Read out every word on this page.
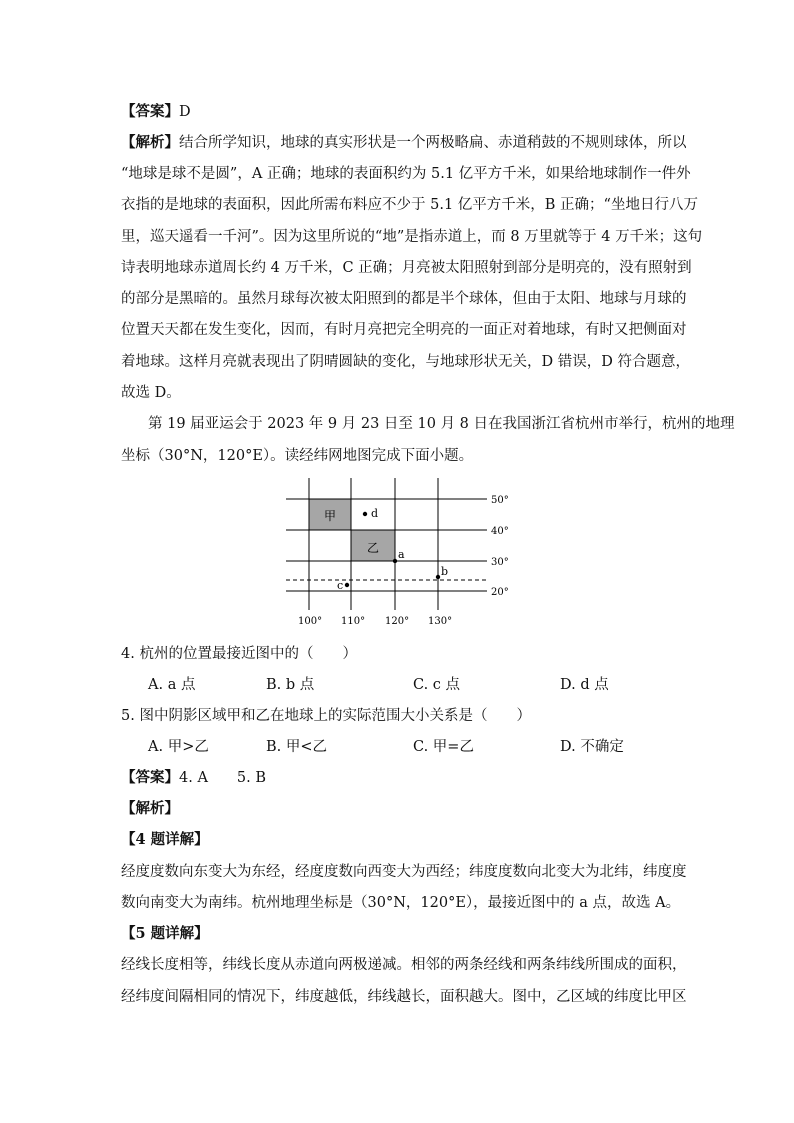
【答案】D
【解析】结合所学知识，地球的真实形状是一个两极略扁、赤道稍鼓的不规则球体，所以
“地球是球不是圆”，A 正确；地球的表面积约为 5.1 亿平方千米，如果给地球制作一件外
衣指的是地球的表面积，因此所需布料应不少于 5.1 亿平方千米，B 正确；“坐地日行八万
里，巡天遥看一千河”。因为这里所说的“地”是指赤道上，而 8 万里就等于 4 万千米；这句
诗表明地球赤道周长约 4 万千米，C 正确；月亮被太阳照射到部分是明亮的，没有照射到
的部分是黑暗的。虽然月球每次被太阳照到的都是半个球体，但由于太阳、地球与月球的
位置天天都在发生变化，因而，有时月亮把完全明亮的一面正对着地球，有时又把侧面对
着地球。这样月亮就表现出了阴晴圆缺的变化，与地球形状无关，D 错误，D 符合题意，
故选 D。
第 19 届亚运会于 2023 年 9 月 23 日至 10 月 8 日在我国浙江省杭州市举行，杭州的地理
坐标（30°N，120°E）。读经纬网地图完成下面小题。
甲
乙
d
a
b
c
50°
40°
30°
20°
100° 110° 120° 130°
4. 杭州的位置最接近图中的（　　）
A. a 点	B. b 点	C. c 点	D. d 点
5. 图中阴影区域甲和乙在地球上的实际范围大小关系是（　　）
A. 甲>乙	B. 甲<乙	C. 甲=乙	D. 不确定
【答案】4. A　　5. B
【解析】
【4 题详解】
经度度数向东变大为东经，经度度数向西变大为西经；纬度度数向北变大为北纬，纬度度
数向南变大为南纬。杭州地理坐标是（30°N，120°E），最接近图中的 a 点，故选 A。
【5 题详解】
经线长度相等，纬线长度从赤道向两极递减。相邻的两条经线和两条纬线所围成的面积，
经纬度间隔相同的情况下，纬度越低，纬线越长，面积越大。图中，乙区域的纬度比甲区
